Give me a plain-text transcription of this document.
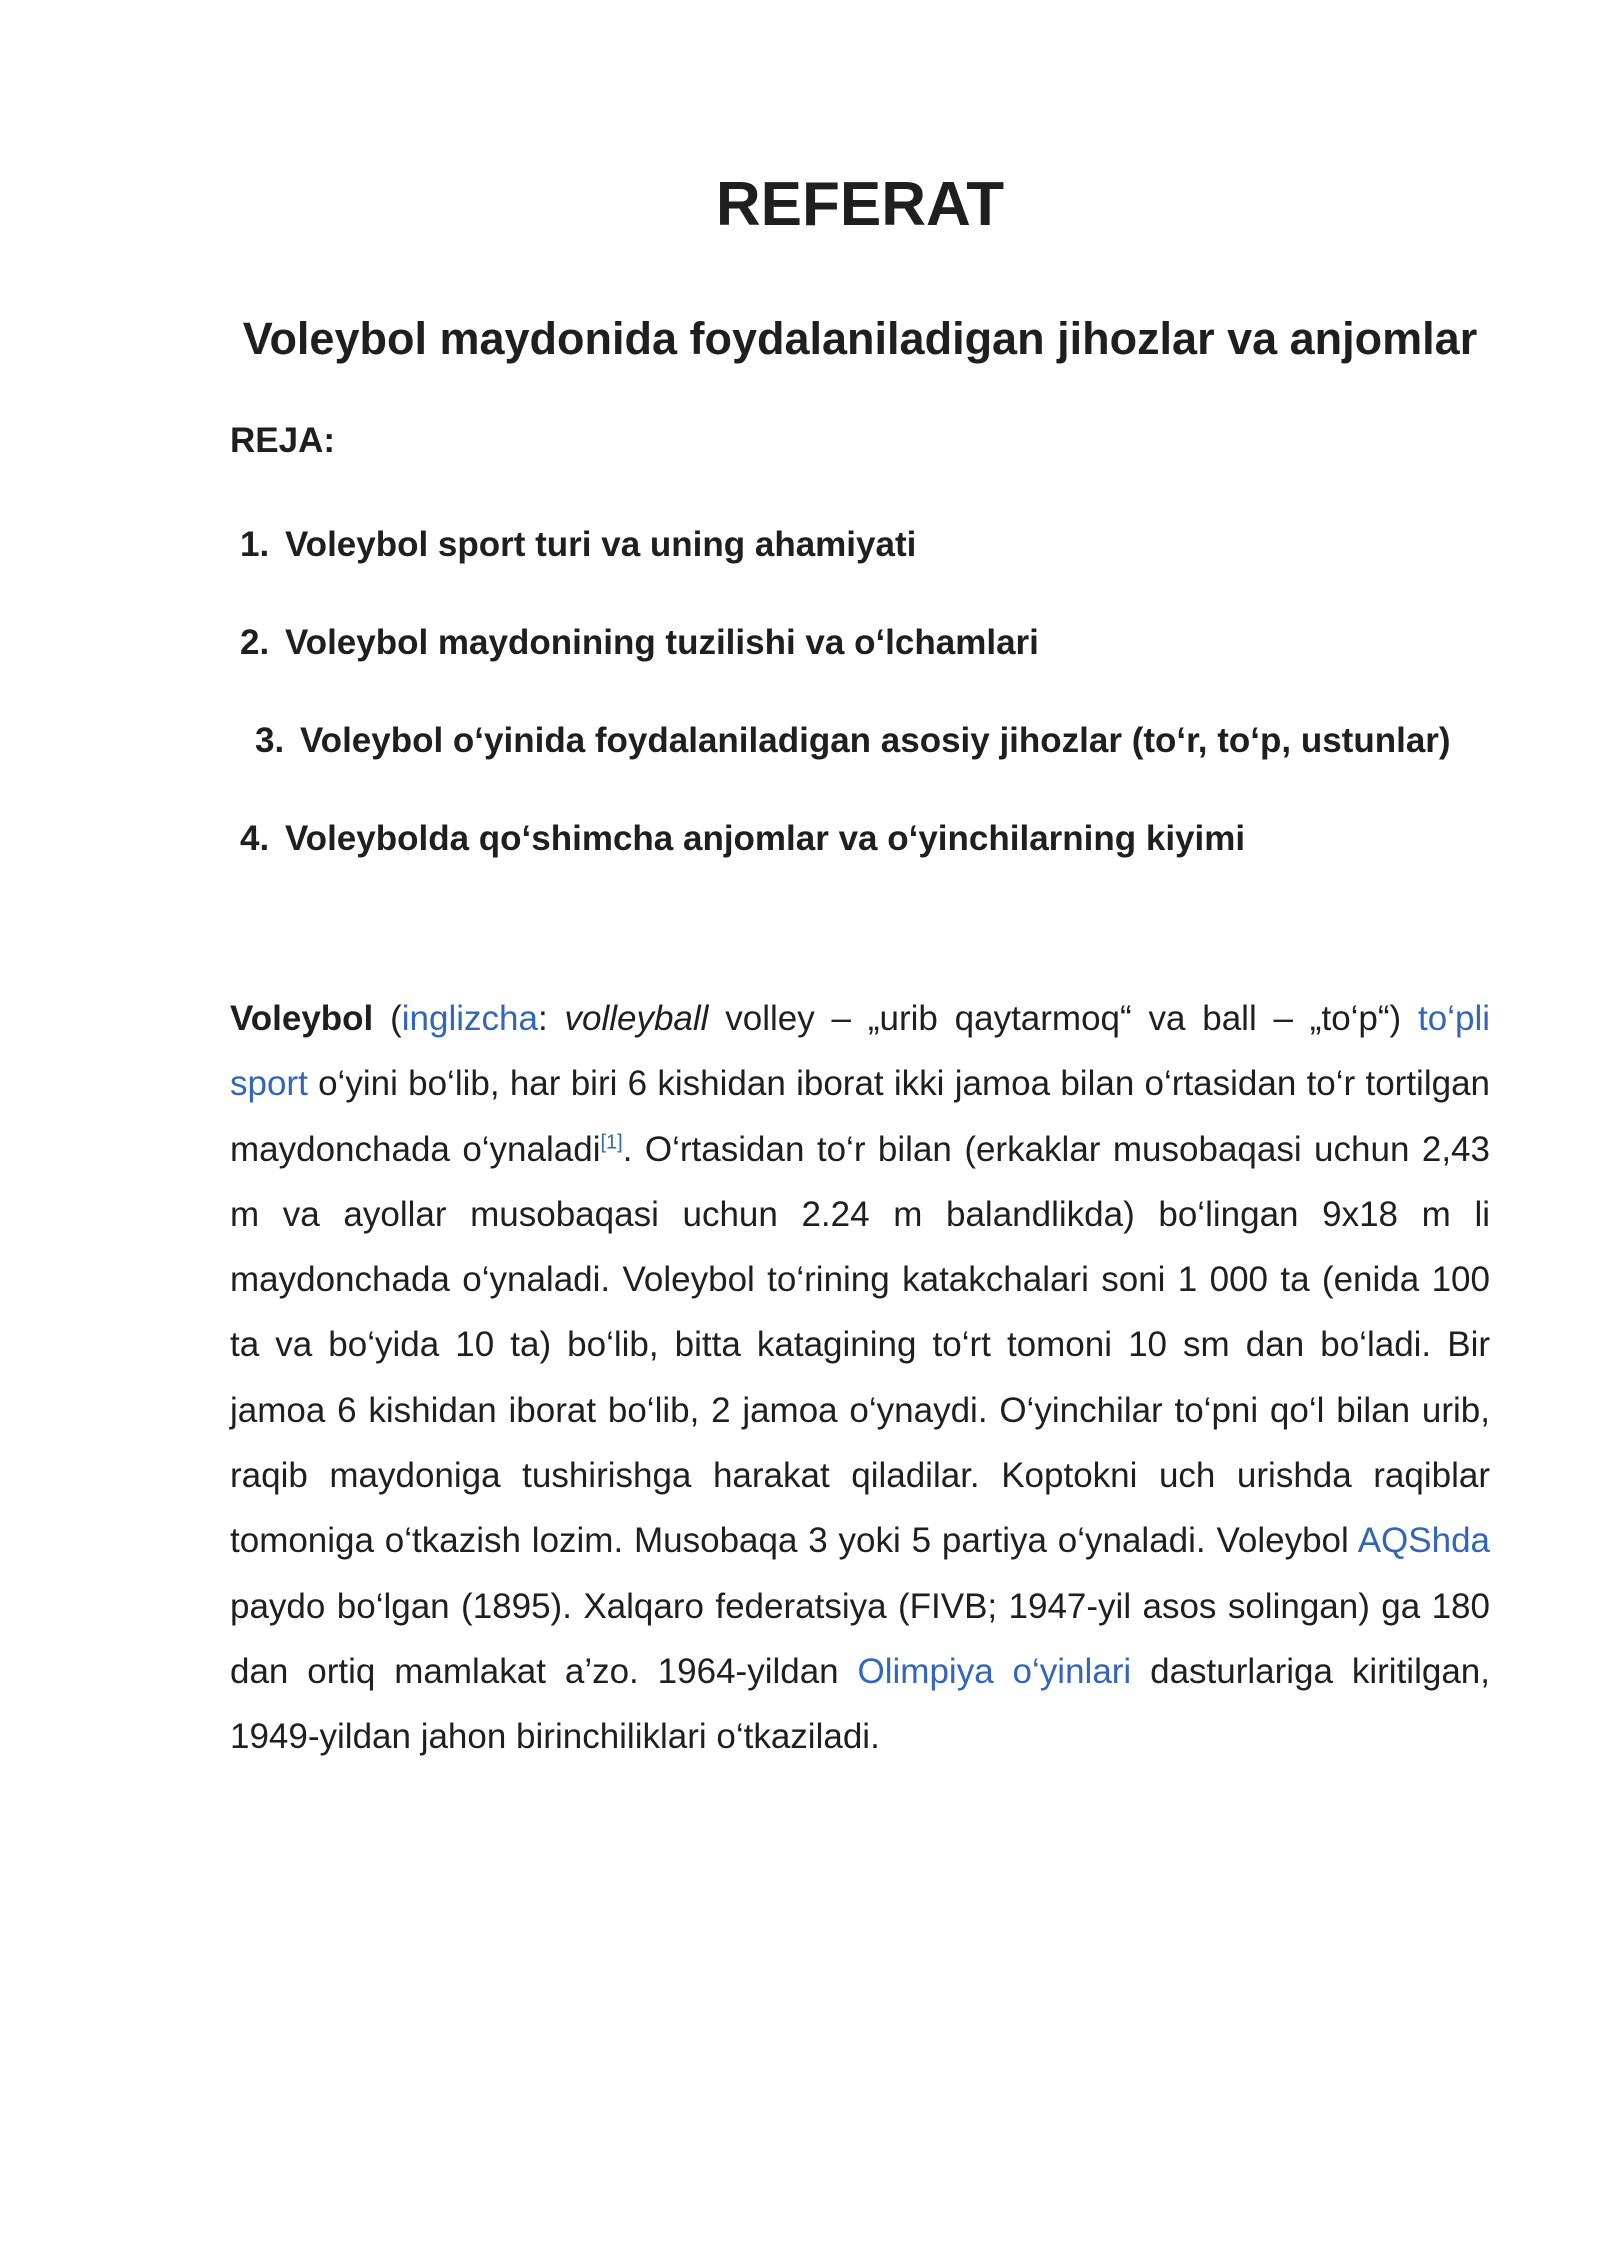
REFERAT
Voleybol maydonida foydalaniladigan jihozlar va anjomlar
REJA:
1. Voleybol sport turi va uning ahamiyati
2. Voleybol maydonining tuzilishi va o‘lchamlari
3. Voleybol o‘yinida foydalaniladigan asosiy jihozlar (to‘r, to‘p, ustunlar)
4. Voleybolda qo‘shimcha anjomlar va o‘yinchilarning kiyimi

Voleybol (inglizcha: volleyball volley – „urib qaytarmoq“ va ball – „to‘p“) to‘pli sport o‘yini bo‘lib, har biri 6 kishidan iborat ikki jamoa bilan o‘rtasidan to‘r tortilgan maydonchada o‘ynaladi[1]. O‘rtasidan to‘r bilan (erkaklar musobaqasi uchun 2,43 m va ayollar musobaqasi uchun 2.24 m balandlikda) bo‘lingan 9x18 m li maydonchada o‘ynaladi. Voleybol to‘rining katakchalari soni 1 000 ta (enida 100 ta va bo‘yida 10 ta) bo‘lib, bitta katagining to‘rt tomoni 10 sm dan bo‘ladi. Bir jamoa 6 kishidan iborat bo‘lib, 2 jamoa o‘ynaydi. O‘yinchilar to‘pni qo‘l bilan urib, raqib maydoniga tushirishga harakat qiladilar. Koptokni uch urishda raqiblar tomoniga o‘tkazish lozim. Musobaqa 3 yoki 5 partiya o‘ynaladi. Voleybol AQShda paydo bo‘lgan (1895). Xalqaro federatsiya (FIVB; 1947-yil asos solingan) ga 180 dan ortiq mamlakat a’zo. 1964-yildan Olimpiya o‘yinlari dasturlariga kiritilgan, 1949-yildan jahon birinchiliklari o‘tkaziladi.
